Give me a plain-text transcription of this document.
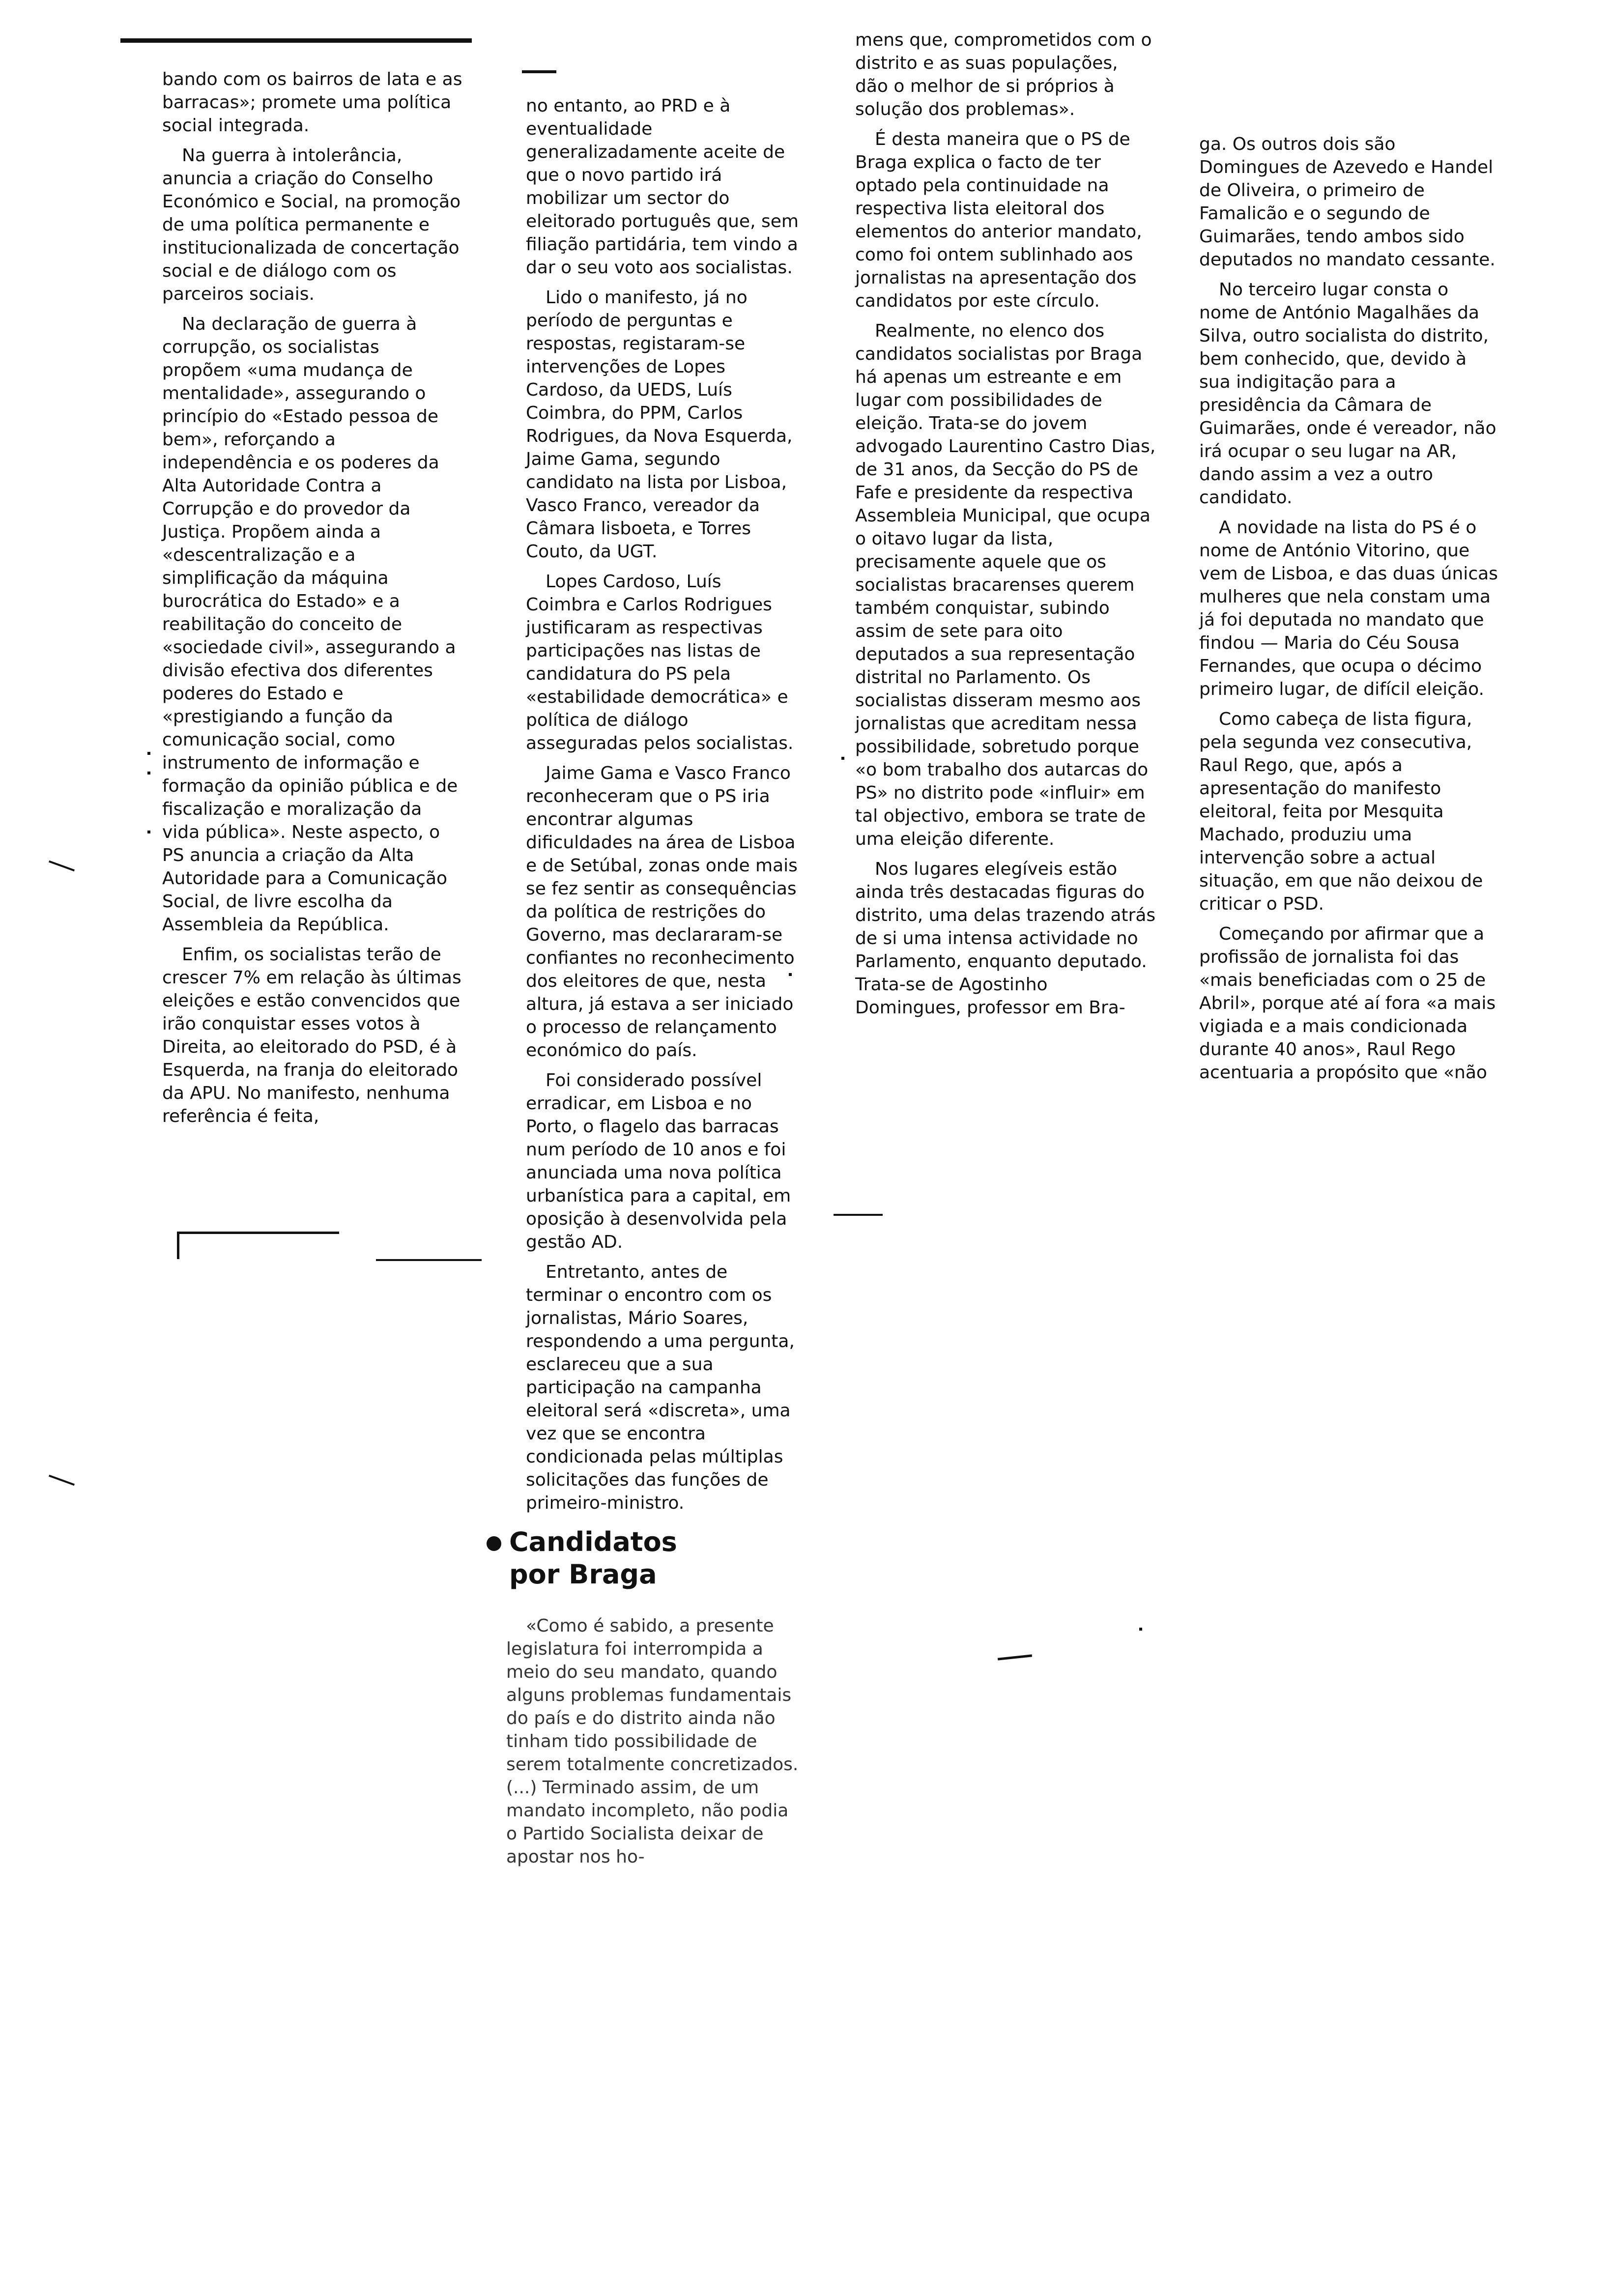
bando com os bairros de lata e as barracas»; promete uma política social integrada.

Na guerra à intolerância, anuncia a criação do Conselho Económico e Social, na promoção de uma política permanente e institucionalizada de concertação social e de diálogo com os parceiros sociais.

Na declaração de guerra à corrupção, os socialistas propõem «uma mudança de mentalidade», assegurando o princípio do «Estado pessoa de bem», reforçando a independência e os poderes da Alta Autoridade Contra a Corrupção e do provedor da Justiça. Propõem ainda a «descentralização e a simplificação da máquina burocrática do Estado» e a reabilitação do conceito de «sociedade civil», assegurando a divisão efectiva dos diferentes poderes do Estado e «prestigiando a função da comunicação social, como instrumento de informação e formação da opinião pública e de fiscalização e moralização da vida pública». Neste aspecto, o PS anuncia a criação da Alta Autoridade para a Comunicação Social, de livre escolha da Assembleia da República.

Enfim, os socialistas terão de crescer 7% em relação às últimas eleições e estão convencidos que irão conquistar esses votos à Direita, ao eleitorado do PSD, é à Esquerda, na franja do eleitorado da APU. No manifesto, nenhuma referência é feita,

no entanto, ao PRD e à eventualidade generalizadamente aceite de que o novo partido irá mobilizar um sector do eleitorado português que, sem filiação partidária, tem vindo a dar o seu voto aos socialistas.

Lido o manifesto, já no período de perguntas e respostas, registaram-se intervenções de Lopes Cardoso, da UEDS, Luís Coimbra, do PPM, Carlos Rodrigues, da Nova Esquerda, Jaime Gama, segundo candidato na lista por Lisboa, Vasco Franco, vereador da Câmara lisboeta, e Torres Couto, da UGT.

Lopes Cardoso, Luís Coimbra e Carlos Rodrigues justificaram as respectivas participações nas listas de candidatura do PS pela «estabilidade democrática» e política de diálogo asseguradas pelos socialistas.

Jaime Gama e Vasco Franco reconheceram que o PS iria encontrar algumas dificuldades na área de Lisboa e de Setúbal, zonas onde mais se fez sentir as consequências da política de restrições do Governo, mas declararam-se confiantes no reconhecimento dos eleitores de que, nesta altura, já estava a ser iniciado o processo de relançamento económico do país.

Foi considerado possível erradicar, em Lisboa e no Porto, o flagelo das barracas num período de 10 anos e foi anunciada uma nova política urbanística para a capital, em oposição à desenvolvida pela gestão AD.

Entretanto, antes de terminar o encontro com os jornalistas, Mário Soares, respondendo a uma pergunta, esclareceu que a sua participação na campanha eleitoral será «discreta», uma vez que se encontra condicionada pelas múltiplas solicitações das funções de primeiro-ministro.

Candidatos
por Braga

«Como é sabido, a presente legislatura foi interrompida a meio do seu mandato, quando alguns problemas fundamentais do país e do distrito ainda não tinham tido possibilidade de serem totalmente concretizados. (...) Terminado assim, de um mandato incompleto, não podia o Partido Socialista deixar de apostar nos ho-

mens que, comprometidos com o distrito e as suas populações, dão o melhor de si próprios à solução dos problemas».

É desta maneira que o PS de Braga explica o facto de ter optado pela continuidade na respectiva lista eleitoral dos elementos do anterior mandato, como foi ontem sublinhado aos jornalistas na apresentação dos candidatos por este círculo.

Realmente, no elenco dos candidatos socialistas por Braga há apenas um estreante e em lugar com possibilidades de eleição. Trata-se do jovem advogado Laurentino Castro Dias, de 31 anos, da Secção do PS de Fafe e presidente da respectiva Assembleia Municipal, que ocupa o oitavo lugar da lista, precisamente aquele que os socialistas bracarenses querem também conquistar, subindo assim de sete para oito deputados a sua representação distrital no Parlamento. Os socialistas disseram mesmo aos jornalistas que acreditam nessa possibilidade, sobretudo porque «o bom trabalho dos autarcas do PS» no distrito pode «influir» em tal objectivo, embora se trate de uma eleição diferente.

Nos lugares elegíveis estão ainda três destacadas figuras do distrito, uma delas trazendo atrás de si uma intensa actividade no Parlamento, enquanto deputado. Trata-se de Agostinho Domingues, professor em Bra-

ga. Os outros dois são Domingues de Azevedo e Handel de Oliveira, o primeiro de Famalicão e o segundo de Guimarães, tendo ambos sido deputados no mandato cessante.

No terceiro lugar consta o nome de António Magalhães da Silva, outro socialista do distrito, bem conhecido, que, devido à sua indigitação para a presidência da Câmara de Guimarães, onde é vereador, não irá ocupar o seu lugar na AR, dando assim a vez a outro candidato.

A novidade na lista do PS é o nome de António Vitorino, que vem de Lisboa, e das duas únicas mulheres que nela constam uma já foi deputada no mandato que findou — Maria do Céu Sousa Fernandes, que ocupa o décimo primeiro lugar, de difícil eleição.

Como cabeça de lista figura, pela segunda vez consecutiva, Raul Rego, que, após a apresentação do manifesto eleitoral, feita por Mesquita Machado, produziu uma intervenção sobre a actual situação, em que não deixou de criticar o PSD.

Começando por afirmar que a profissão de jornalista foi das «mais beneficiadas com o 25 de Abril», porque até aí fora «a mais vigiada e a mais condicionada durante 40 anos», Raul Rego acentuaria a propósito que «não
